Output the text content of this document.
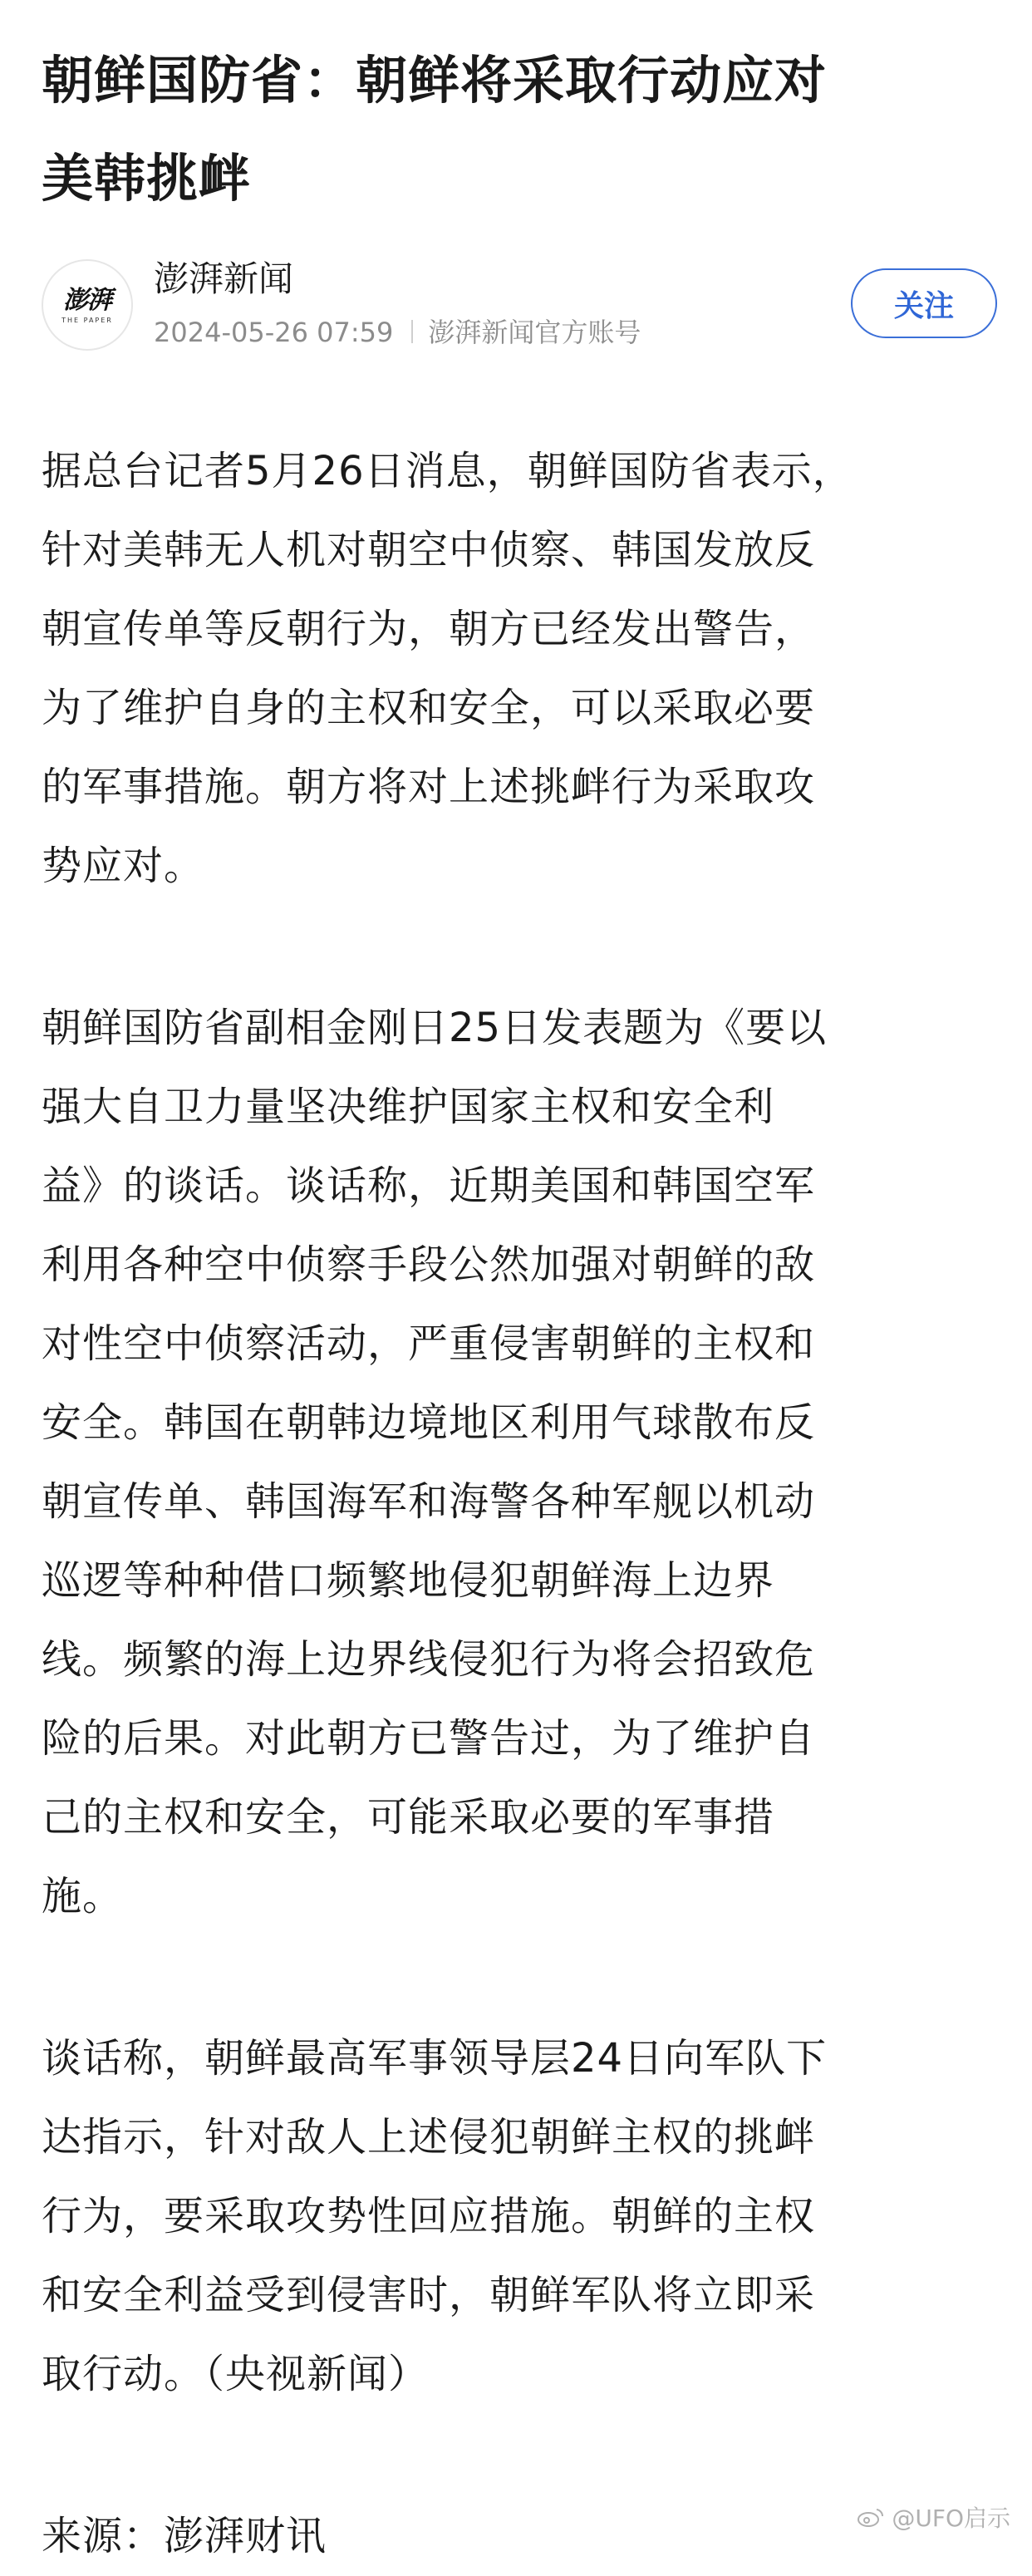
朝鲜国防省：朝鲜将采取行动应对
美韩挑衅
澎湃
THE PAPER
澎湃新闻
2024-05-26 07:59 澎湃新闻官方账号
关注

据总台记者5月26日消息，朝鲜国防省表示，
针对美韩无人机对朝空中侦察、韩国发放反
朝宣传单等反朝行为，朝方已经发出警告，
为了维护自身的主权和安全，可以采取必要
的军事措施。朝方将对上述挑衅行为采取攻
势应对。

朝鲜国防省副相金刚日25日发表题为《要以
强大自卫力量坚决维护国家主权和安全利
益》的谈话。谈话称，近期美国和韩国空军
利用各种空中侦察手段公然加强对朝鲜的敌
对性空中侦察活动，严重侵害朝鲜的主权和
安全。韩国在朝韩边境地区利用气球散布反
朝宣传单、韩国海军和海警各种军舰以机动
巡逻等种种借口频繁地侵犯朝鲜海上边界
线。频繁的海上边界线侵犯行为将会招致危
险的后果。对此朝方已警告过，为了维护自
己的主权和安全，可能采取必要的军事措
施。

谈话称，朝鲜最高军事领导层24日向军队下
达指示，针对敌人上述侵犯朝鲜主权的挑衅
行为，要采取攻势性回应措施。朝鲜的主权
和安全利益受到侵害时，朝鲜军队将立即采
取行动。（央视新闻）

来源：澎湃财讯	@UFO启示
